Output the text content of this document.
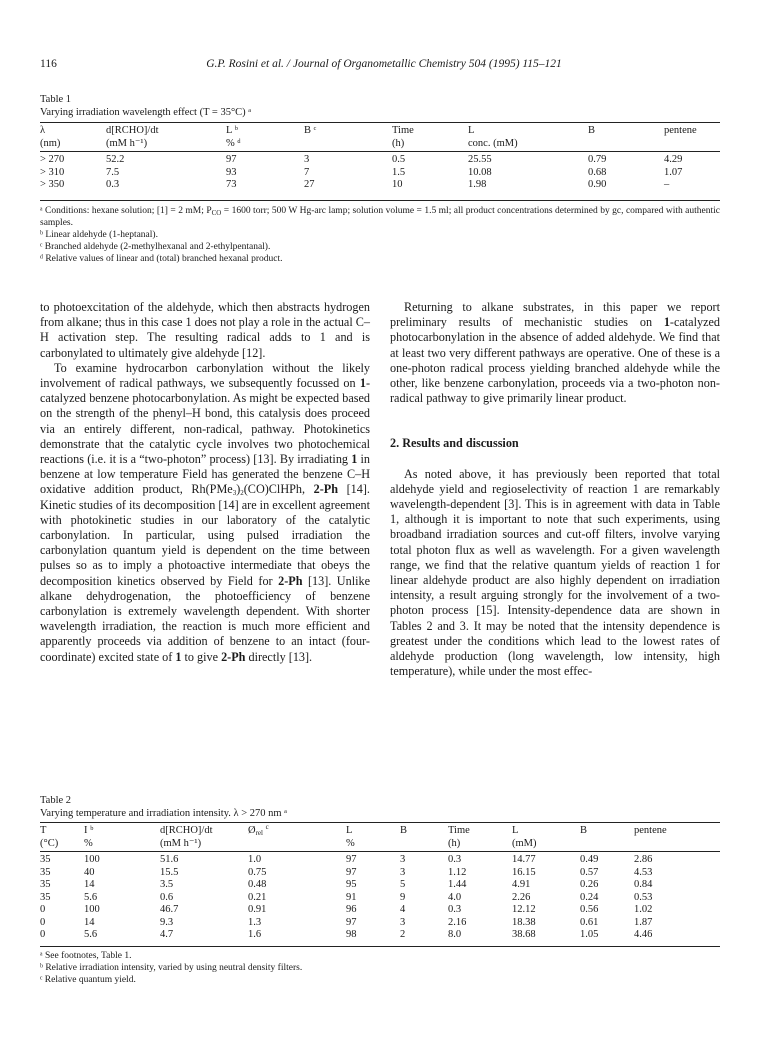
116	G.P. Rosini et al. / Journal of Organometallic Chemistry 504 (1995) 115–121
Table 1
Varying irradiation wavelength effect (T = 35°C) ᵃ
λ	d[RCHO]/dt	L ᵇ	B ᶜ	Time	L	B	pentene
(nm)	(mM h⁻¹)	% ᵈ		(h)	conc. (mM)		

> 270	52.2	97	3	0.5	25.55	0.79	4.29
> 310	7.5	93	7	1.5	10.08	0.68	1.07
> 350	0.3	73	27	10	1.98	0.90	–
ᵃ Conditions: hexane solution; [1] = 2 mM; $P_{CO} = 1600$ torr; 500 W Hg-arc lamp; solution volume = 1.5 ml; all product concentrations determined by gc, compared with authentic samples.
ᵇ Linear aldehyde (1-heptanal).
ᶜ Branched aldehyde (2-methylhexanal and 2-ethylpentanal).
ᵈ Relative values of linear and (total) branched hexanal product.

to photoexcitation of the aldehyde, which then abstracts hydrogen from alkane; thus in this case 1 does not play a role in the actual C–H activation step. The resulting radical adds to 1 and is carbonylated to ultimately give aldehyde [12].

To examine hydrocarbon carbonylation without the likely involvement of radical pathways, we subsequently focussed on 1-catalyzed benzene photocarbonylation. As might be expected based on the strength of the phenyl–H bond, this catalysis does proceed via an entirely different, non-radical, pathway. Photokinetics demonstrate that the catalytic cycle involves two photochemical reactions (i.e. it is a “two-photon” process) [13]. By irradiating 1 in benzene at low temperature Field has generated the benzene C–H oxidative addition product, $Rh(PMe_3)_2(CO)ClHPh$, 2-Ph [14]. Kinetic studies of its decomposition [14] are in excellent agreement with photokinetic studies in our laboratory of the catalytic carbonylation. In particular, using pulsed irradiation the carbonylation quantum yield is dependent on the time between pulses so as to imply a photoactive intermediate that obeys the decomposition kinetics observed by Field for 2-Ph [13]. Unlike alkane dehydrogenation, the photoefficiency of benzene carbonylation is extremely wavelength dependent. With shorter wavelength irradiation, the reaction is much more efficient and apparently proceeds via addition of benzene to an intact (four-coordinate) excited state of 1 to give 2-Ph directly [13].

Returning to alkane substrates, in this paper we report preliminary results of mechanistic studies on 1-catalyzed photocarbonylation in the absence of added aldehyde. We find that at least two very different pathways are operative. One of these is a one-photon radical process yielding branched aldehyde while the other, like benzene carbonylation, proceeds via a two-photon non-radical pathway to give primarily linear product.

2. Results and discussion

As noted above, it has previously been reported that total aldehyde yield and regioselectivity of reaction 1 are remarkably wavelength-dependent [3]. This is in agreement with data in Table 1, although it is important to note that such experiments, using broadband irradiation sources and cut-off filters, involve varying total photon flux as well as wavelength. For a given wavelength range, we find that the relative quantum yields of reaction 1 for linear aldehyde product are also highly dependent on irradiation intensity, a result arguing strongly for the involvement of a two-photon process [15]. Intensity-dependence data are shown in Tables 2 and 3. It may be noted that the intensity dependence is greatest under the conditions which lead to the lowest rates of aldehyde production (long wavelength, low intensity, high temperature), while under the most effec-

Table 2
Varying temperature and irradiation intensity. λ > 270 nm ᵃ
T	I ᵇ	d[RCHO]/dt	$Ø_{rel}$ $^c$	L	B	Time	L	B	pentene
(°C)	%	(mM h⁻¹)		%		(h)	(mM)		

35	100	51.6	1.0	97	3	0.3	14.77	0.49	2.86
35	40	15.5	0.75	97	3	1.12	16.15	0.57	4.53
35	14	3.5	0.48	95	5	1.44	4.91	0.26	0.84
35	5.6	0.6	0.21	91	9	4.0	2.26	0.24	0.53
0	100	46.7	0.91	96	4	0.3	12.12	0.56	1.02
0	14	9.3	1.3	97	3	2.16	18.38	0.61	1.87
0	5.6	4.7	1.6	98	2	8.0	38.68	1.05	4.46
ᵃ See footnotes, Table 1.
ᵇ Relative irradiation intensity, varied by using neutral density filters.
ᶜ Relative quantum yield.
